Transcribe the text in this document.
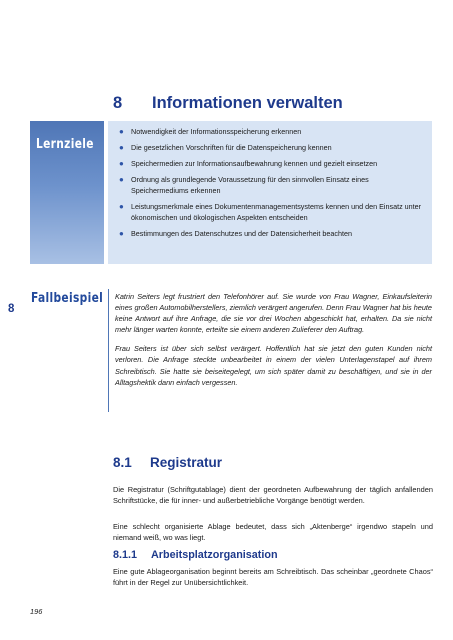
8 Informationen verwalten
Lernziele
● Notwendigkeit der Informationsspeicherung erkennen
● Die gesetzlichen Vorschriften für die Datenspeicherung kennen
● Speichermedien zur Informationsaufbewahrung kennen und gezielt einsetzen
● Ordnung als grundlegende Voraussetzung für den sinnvollen Einsatz eines Speichermediums erkennen
● Leistungsmerkmale eines Dokumentenmanagementsystems kennen und den Einsatz unter ökonomischen und ökologischen Aspekten entscheiden
● Bestimmungen des Datenschutzes und der Datensicherheit beachten
Fallbeispiel Katrin Seiters legt frustriert den Telefonhörer auf. Sie wurde von Frau Wagner, Einkaufsleiterin eines großen Automobilherstellers, ziemlich verärgert angerufen. Denn Frau Wagner hat bis heute keine Antwort auf ihre Anfrage, die sie vor drei Wochen abgeschickt hat, erhalten. Da sie nicht mehr länger warten konnte, erteilte sie einem anderen Zulieferer den Auftrag.

Frau Seiters ist über sich selbst verärgert. Hoffentlich hat sie jetzt den guten Kunden nicht verloren. Die Anfrage steckte unbearbeitet in einem der vielen Unterlagenstapel auf ihrem Schreibtisch. Sie hatte sie beiseitegelegt, um sich später damit zu beschäftigen, und sie in der Alltagshektik dann einfach vergessen.

8
8.1 Registratur
Die Registratur (Schriftgutablage) dient der geordneten Aufbewahrung der täglich anfallenden Schriftstücke, die für inner- und außerbetriebliche Vorgänge benötigt werden.
Eine schlecht organisierte Ablage bedeutet, dass sich „Aktenberge“ irgendwo stapeln und niemand weiß, wo was liegt.
8.1.1 Arbeitsplatzorganisation
Eine gute Ablageorganisation beginnt bereits am Schreibtisch. Das scheinbar „geordnete Chaos“ führt in der Regel zur Unübersichtlichkeit.
196
